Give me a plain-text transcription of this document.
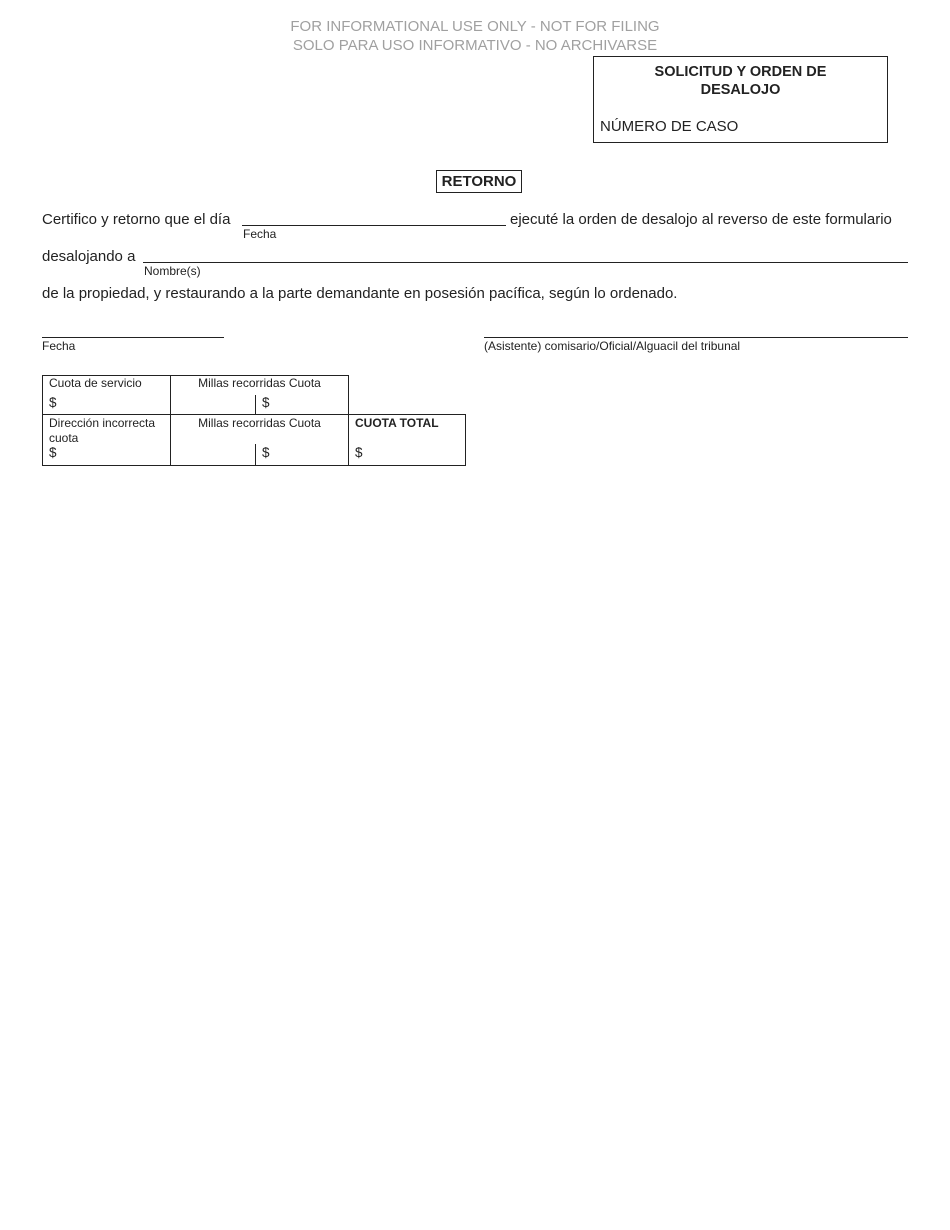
FOR INFORMATIONAL USE ONLY - NOT FOR FILING
SOLO PARA USO INFORMATIVO - NO ARCHIVARSE
SOLICITUD Y ORDEN DE
DESALOJO
NÚMERO DE CASO
RETORNO
Certifico y retorno que el día
Fecha
ejecuté la orden de desalojo al reverso de este formulario
desalojando a
Nombre(s)
de la propiedad, y restaurando a la parte demandante en posesión pacífica, según lo ordenado.
Fecha	(Asistente) comisario/Oficial/Alguacil del tribunal
Cuota de servicio
$
Millas recorridas Cuota
$
Dirección incorrecta cuota
$
Millas recorridas Cuota
$
CUOTA TOTAL
$
